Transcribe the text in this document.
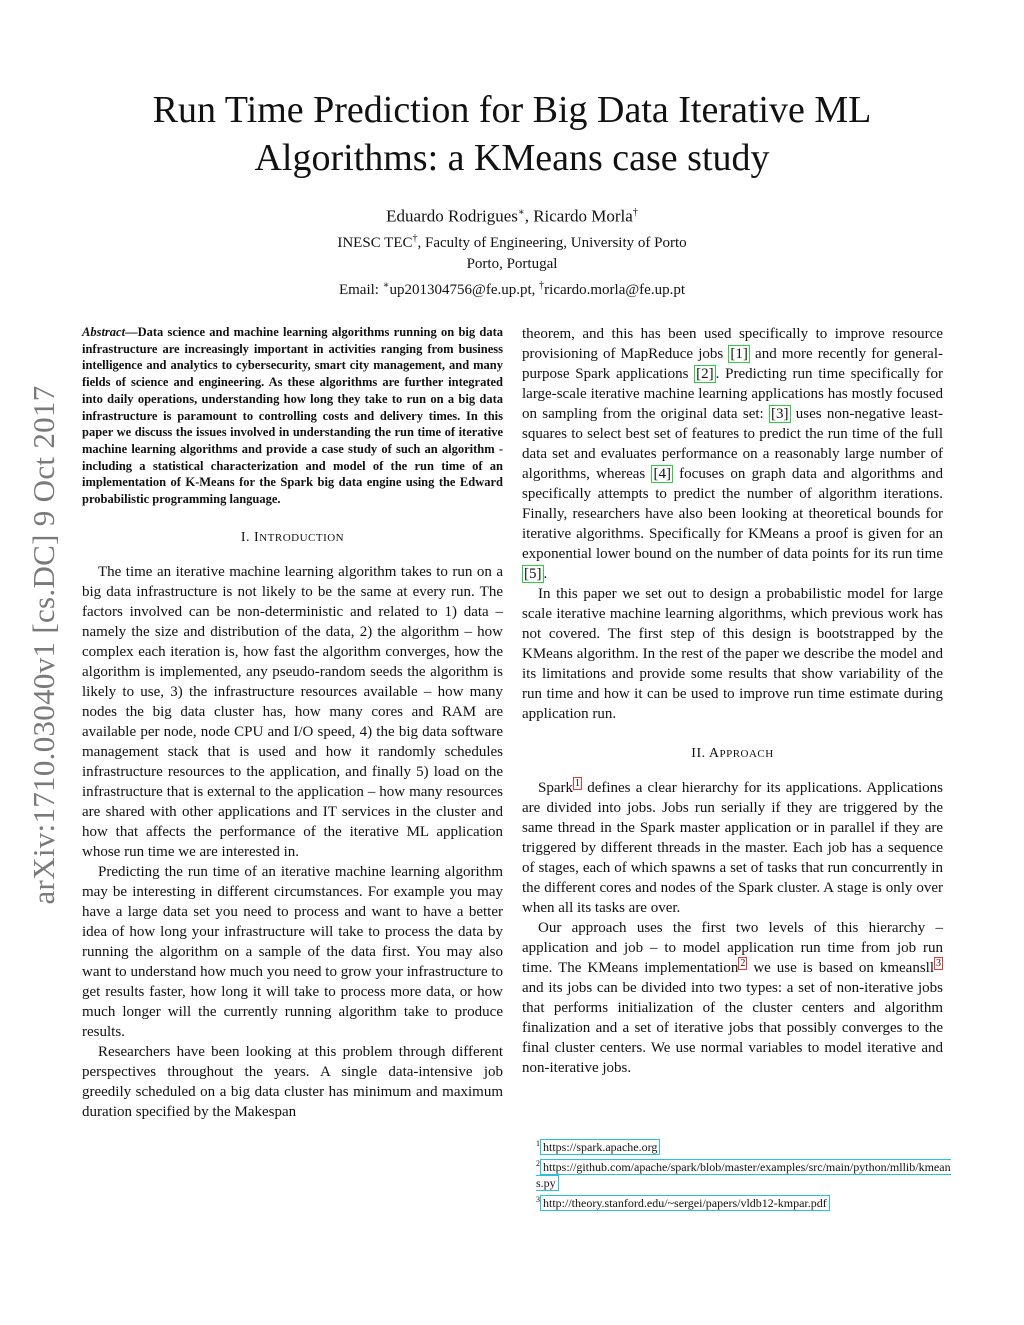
arXiv:1710.03040v1 [cs.DC] 9 Oct 2017
Run Time Prediction for Big Data Iterative ML Algorithms: a KMeans case study
Eduardo Rodrigues∗, Ricardo Morla†
INESC TEC†, Faculty of Engineering, University of Porto
Porto, Portugal
Email: ∗up201304756@fe.up.pt, †ricardo.morla@fe.up.pt

Abstract—Data science and machine learning algorithms running on big data infrastructure are increasingly important in activities ranging from business intelligence and analytics to cybersecurity, smart city management, and many fields of science and engineering. As these algorithms are further integrated into daily operations, understanding how long they take to run on a big data infrastructure is paramount to controlling costs and delivery times. In this paper we discuss the issues involved in understanding the run time of iterative machine learning algorithms and provide a case study of such an algorithm - including a statistical characterization and model of the run time of an implementation of K-Means for the Spark big data engine using the Edward probabilistic programming language.

I. INTRODUCTION

The time an iterative machine learning algorithm takes to run on a big data infrastructure is not likely to be the same at every run. The factors involved can be non-deterministic and related to 1) data – namely the size and distribution of the data, 2) the algorithm – how complex each iteration is, how fast the algorithm converges, how the algorithm is implemented, any pseudo-random seeds the algorithm is likely to use, 3) the infrastructure resources available – how many nodes the big data cluster has, how many cores and RAM are available per node, node CPU and I/O speed, 4) the big data software management stack that is used and how it randomly schedules infrastructure resources to the application, and finally 5) load on the infrastructure that is external to the application – how many resources are shared with other applications and IT services in the cluster and how that affects the performance of the iterative ML application whose run time we are interested in.

Predicting the run time of an iterative machine learning algorithm may be interesting in different circumstances. For example you may have a large data set you need to process and want to have a better idea of how long your infrastructure will take to process the data by running the algorithm on a sample of the data first. You may also want to understand how much you need to grow your infrastructure to get results faster, how long it will take to process more data, or how much longer will the currently running algorithm take to produce results.

Researchers have been looking at this problem through different perspectives throughout the years. A single data-intensive job greedily scheduled on a big data cluster has minimum and maximum duration specified by the Makespan

theorem, and this has been used specifically to improve resource provisioning of MapReduce jobs [1] and more recently for general-purpose Spark applications [2] . Predicting run time specifically for large-scale iterative machine learning applications has mostly focused on sampling from the original data set: [3] uses non-negative least-squares to select best set of features to predict the run time of the full data set and evaluates performance on a reasonably large number of algorithms, whereas [4] focuses on graph data and algorithms and specifically attempts to predict the number of algorithm iterations. Finally, researchers have also been looking at theoretical bounds for iterative algorithms. Specifically for KMeans a proof is given for an exponential lower bound on the number of data points for its run time [5] .

In this paper we set out to design a probabilistic model for large scale iterative machine learning algorithms, which previous work has not covered. The first step of this design is bootstrapped by the KMeans algorithm. In the rest of the paper we describe the model and its limitations and provide some results that show variability of the run time and how it can be used to improve run time estimate during application run.

II. APPROACH

Spark $^1$ defines a clear hierarchy for its applications. Applications are divided into jobs. Jobs run serially if they are triggered by the same thread in the Spark master application or in parallel if they are triggered by different threads in the master. Each job has a sequence of stages, each of which spawns a set of tasks that run concurrently in the different cores and nodes of the Spark cluster. A stage is only over when all its tasks are over.

Our approach uses the first two levels of this hierarchy – application and job – to model application run time from job run time. The KMeans implementation $^2$ we use is based on kmeansll $^3$ and its jobs can be divided into two types: a set of non-iterative jobs that performs initialization of the cluster centers and algorithm finalization and a set of iterative jobs that possibly converges to the final cluster centers. We use normal variables to model iterative and non-iterative jobs.

$^1$ https://spark.apache.org
$^2$ https://github.com/apache/spark/blob/master/examples/src/main/python/mllib/kmeans.py
$^3$ http://theory.stanford.edu/~sergei/papers/vldb12-kmpar.pdf
